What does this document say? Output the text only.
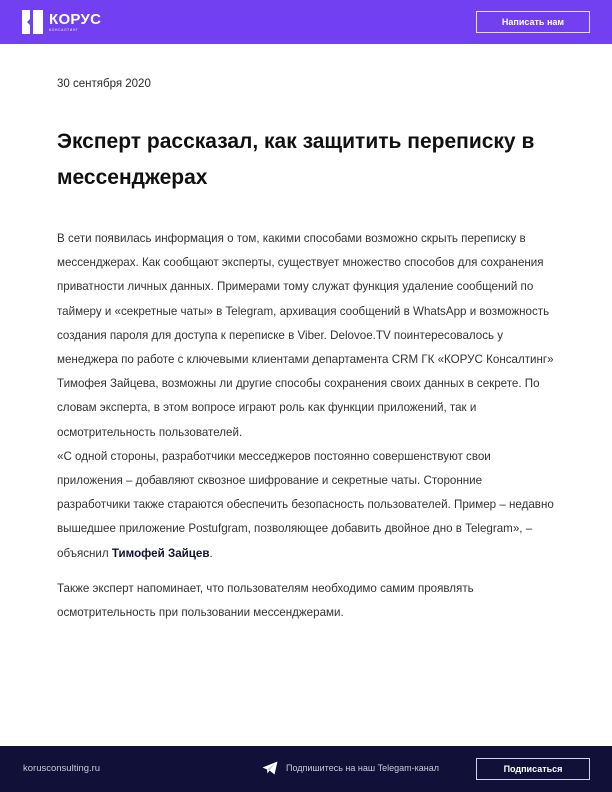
КОРУС
КОНСАЛТИНГ
Написать нам
30 сентября 2020
Эксперт рассказал, как защитить переписку в мессенджерах

В сети появилась информация о том, какими способами возможно скрыть переписку в мессенджерах. Как сообщают эксперты, существует множество способов для сохранения приватности личных данных. Примерами тому служат функция удаление сообщений по таймеру и «секретные чаты» в Telegram, архивация сообщений в WhatsApp и возможность создания пароля для доступа к переписке в Viber. Delovoe.TV поинтересовалось у менеджера по работе с ключевыми клиентами департамента CRM ГК «КОРУС Консалтинг» Тимофея Зайцева, возможны ли другие способы сохранения своих данных в секрете. По словам эксперта, в этом вопросе играют роль как функции приложений, так и осмотрительность пользователей.
«С одной стороны, разработчики месседжеров постоянно совершенствуют свои приложения – добавляют сквозное шифрование и секретные чаты. Сторонние разработчики также стараются обеспечить безопасность пользователей. Пример – недавно вышедшее приложение Postufgram, позволяющее добавить двойное дно в Telegram», – объяснил Тимофей Зайцев.

Также эксперт напоминает, что пользователям необходимо самим проявлять осмотрительность при пользовании мессенджерами.

korusconsulting.ru	Подпишитесь на наш Telegam-канал	Подписаться
